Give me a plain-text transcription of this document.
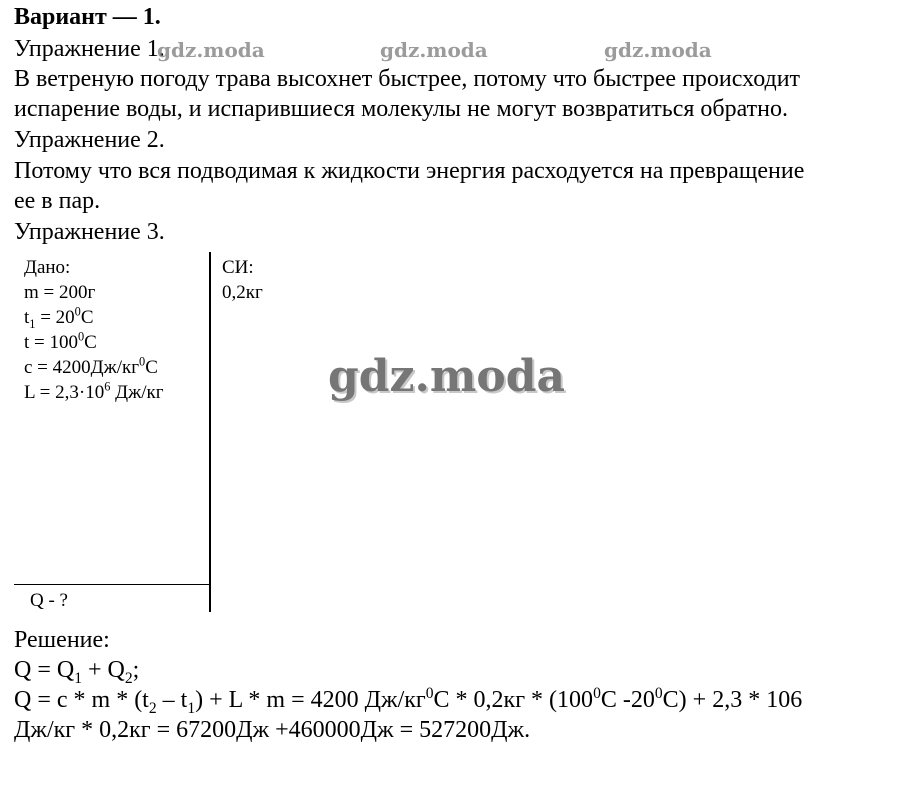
Вариант — 1.
Упражнение 1.
В ветреную погоду трава высохнет быстрее, потому что быстрее происходит
испарение воды, и испарившиеся молекулы не могут возвратиться обратно.
Упражнение 2.
Потому что вся подводимая к жидкости энергия расходуется на превращение
ее в пар.
Упражнение 3.
Дано:
m = 200г
$t_1 = 20^0C$
$t = 100^0C$
$c = 4200Дж/кг^0C$
$L = 2,3\cdot 10^6$ Дж/кг
СИ:
0,2кг
Q - ?
Решение:
$Q = Q_1 + Q_2$;
$Q = c * m * (t_2 - t_1) + L * m = 4200$ $Дж/кг^0C * 0,2кг * (100^0C$ $-20^0C) + 2,3 * 106$
Дж/кг * 0,2кг = 67200Дж +460000Дж = 527200Дж.
gdz.moda	gdz.moda	gdz.moda
gdz.moda
